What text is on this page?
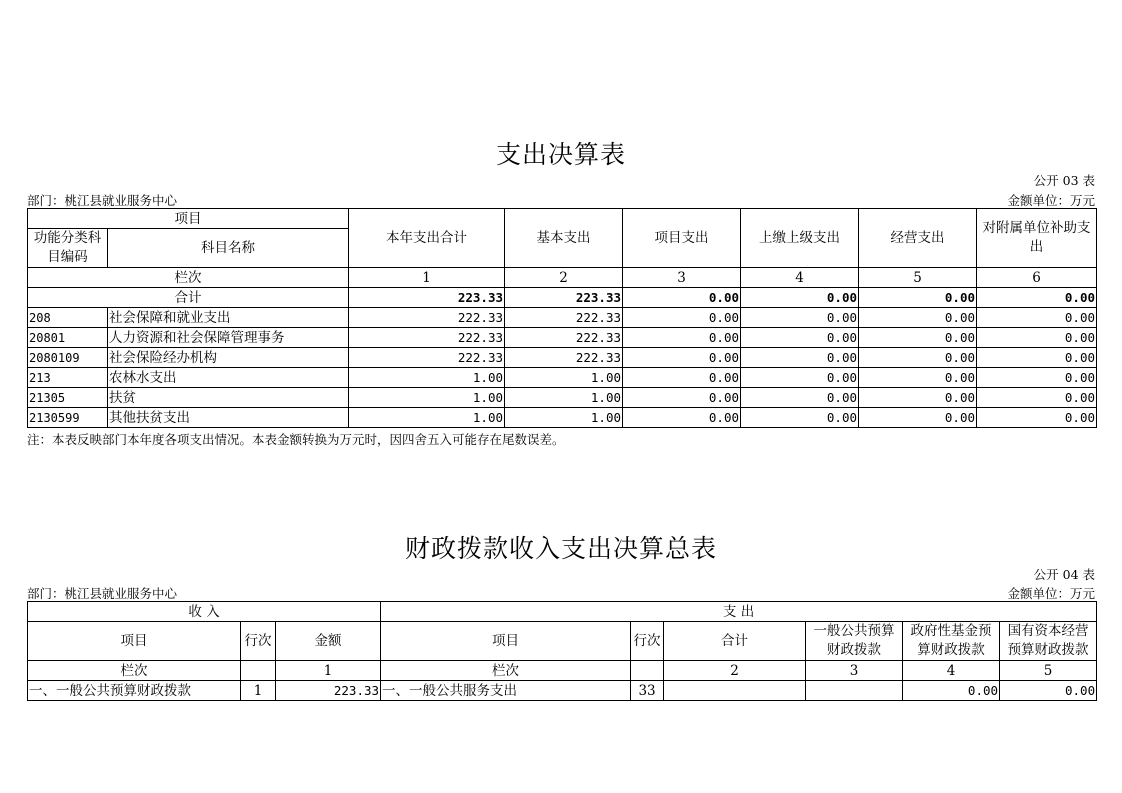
支出决算表
公开 03 表
部门：桃江县就业服务中心	金额单位：万元
项目		本年支出合计	基本支出	项目支出	上缴上级支出	经营支出	对附属单位补助支出
功能分类科目编码	科目名称						
栏次		1	2	3	4	5	6
合计		223.33	223.33	0.00	0.00	0.00	0.00
208	社会保障和就业支出	222.33	222.33	0.00	0.00	0.00	0.00
20801	人力资源和社会保障管理事务	222.33	222.33	0.00	0.00	0.00	0.00
2080109	社会保险经办机构	222.33	222.33	0.00	0.00	0.00	0.00
213	农林水支出	1.00	1.00	0.00	0.00	0.00	0.00
21305	扶贫	1.00	1.00	0.00	0.00	0.00	0.00
2130599	其他扶贫支出	1.00	1.00	0.00	0.00	0.00	0.00
注：本表反映部门本年度各项支出情况。本表金额转换为万元时，因四舍五入可能存在尾数误差。
财政拨款收入支出决算总表
公开 04 表
部门：桃江县就业服务中心	金额单位：万元
收 入			支 出					
项目	行次	金额	项目	行次	合计	一般公共预算财政拨款	政府性基金预算财政拨款	国有资本经营预算财政拨款
栏次		1	栏次		2	3	4	5
一、一般公共预算财政拨款	1	223.33	一、一般公共服务支出	33			0.00	0.00
